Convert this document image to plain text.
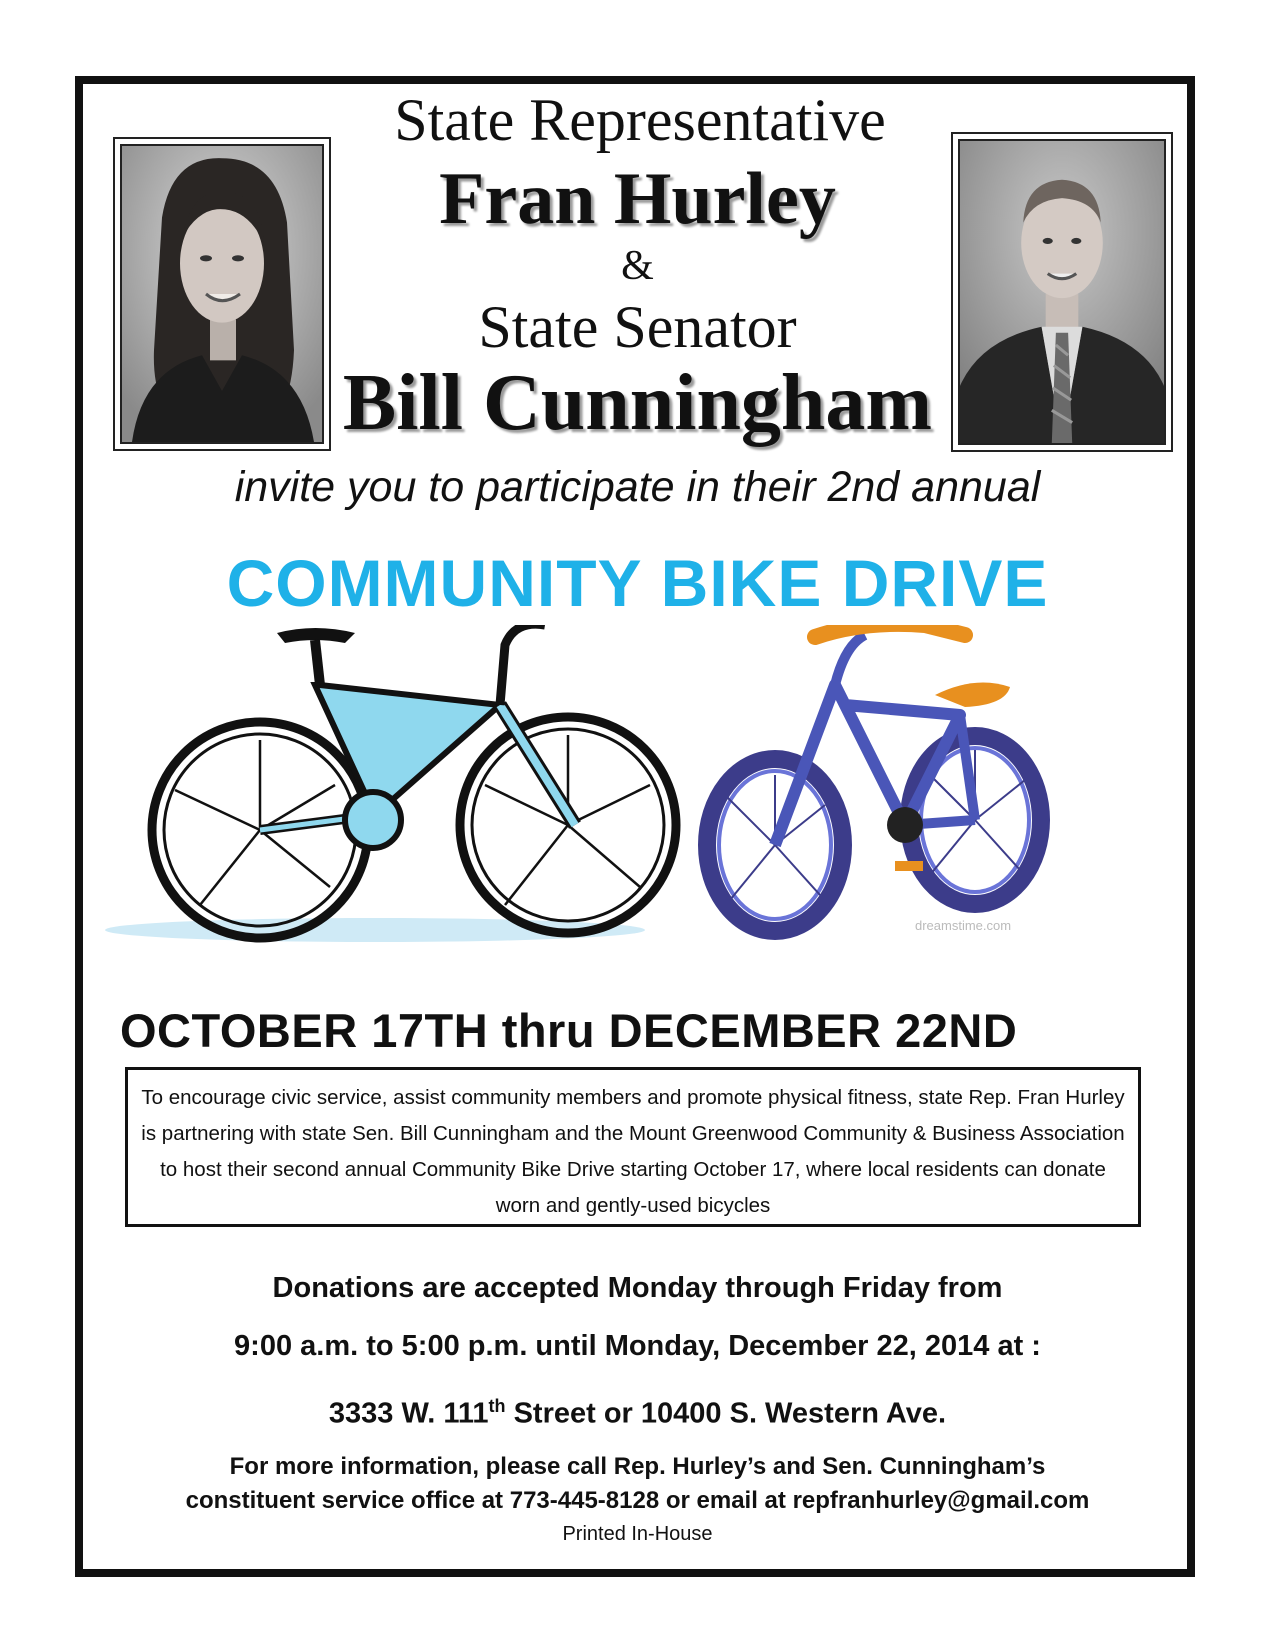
State Representative
Fran Hurley
&
State Senator
Bill Cunningham
invite you to participate in their 2nd annual
COMMUNITY BIKE DRIVE
dreamstime.com
OCTOBER 17TH thru DECEMBER 22ND
To encourage civic service, assist community members and promote physical fitness, state Rep. Fran Hurley is partnering with state Sen. Bill Cunningham and the Mount Greenwood Community & Business Association to host their second annual Community Bike Drive starting October 17, where local residents can donate worn and gently-used bicycles
Donations are accepted Monday through Friday from
9:00 a.m. to 5:00 p.m. until Monday, December 22, 2014 at :
3333 W. 111th Street or 10400 S. Western Ave.
For more information, please call Rep. Hurley’s and Sen. Cunningham’s
constituent service office at 773-445-8128 or email at repfranhurley@gmail.com
Printed In-House
